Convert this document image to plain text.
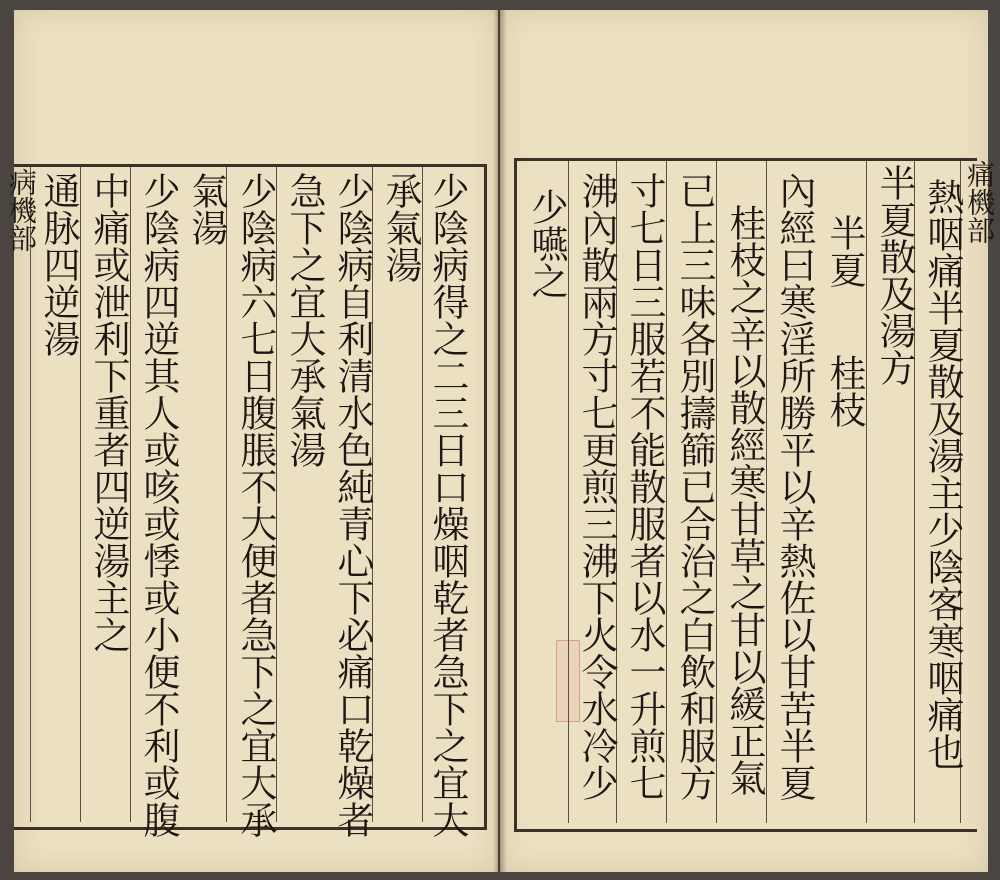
少陰病得之二三日口燥咽乾者急下之宜大
承氣湯
少陰病自利清水色純青心下必痛口乾燥者
急下之宜大承氣湯
少陰病六七日腹脹不大便者急下之宜大承
氣湯
少陰病四逆其人或咳或悸或小便不利或腹
中痛或泄利下重者四逆湯主之
通脉四逆湯
病機部	痛機部
熱咽痛半夏散及湯主少陰客寒咽痛也
半夏散及湯方
半夏
桂枝
內經曰寒淫所勝平以辛熱佐以甘苦半夏
桂枝之辛以散經寒甘草之甘以緩正氣
已上三味各別擣篩已合治之白飲和服方
寸七日三服若不能散服者以水一升煎七
沸內散兩方寸七更煎三沸下火令水冷少
少嚥之
